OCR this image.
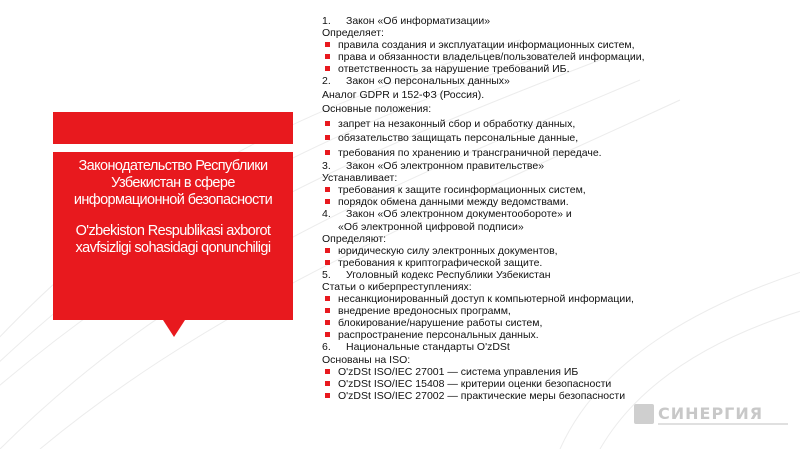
Законодательство Республики Узбекистан в сфере информационной безопасности

O'zbekiston Respublikasi axborot xavfsizligi sohasidagi qonunchiligi

1. Закон «Об информатизации»
Определяет:
правила создания и эксплуатации информационных систем,
права и обязанности владельцев/пользователей информации,
ответственность за нарушение требований ИБ.
2. Закон «О персональных данных»
Аналог GDPR и 152-ФЗ (Россия).
Основные положения:
запрет на незаконный сбор и обработку данных,
обязательство защищать персональные данные,
требования по хранению и трансграничной передаче.
3. Закон «Об электронном правительстве»
Устанавливает:
требования к защите госинформационных систем,
порядок обмена данными между ведомствами.
4. Закон «Об электронном документообороте» и
«Об электронной цифровой подписи»
Определяют:
юридическую силу электронных документов,
требования к криптографической защите.
5. Уголовный кодекс Республики Узбекистан
Статьи о киберпреступлениях:
несанкционированный доступ к компьютерной информации,
внедрение вредоносных программ,
блокирование/нарушение работы систем,
распространение персональных данных.
6. Национальные стандарты O'zDSt
Основаны на ISO:
O'zDSt ISO/IEC 27001 — система управления ИБ
O'zDSt ISO/IEC 15408 — критерии оценки безопасности
O'zDSt ISO/IEC 27002 — практические меры безопасности
СИНЕРГИЯ
